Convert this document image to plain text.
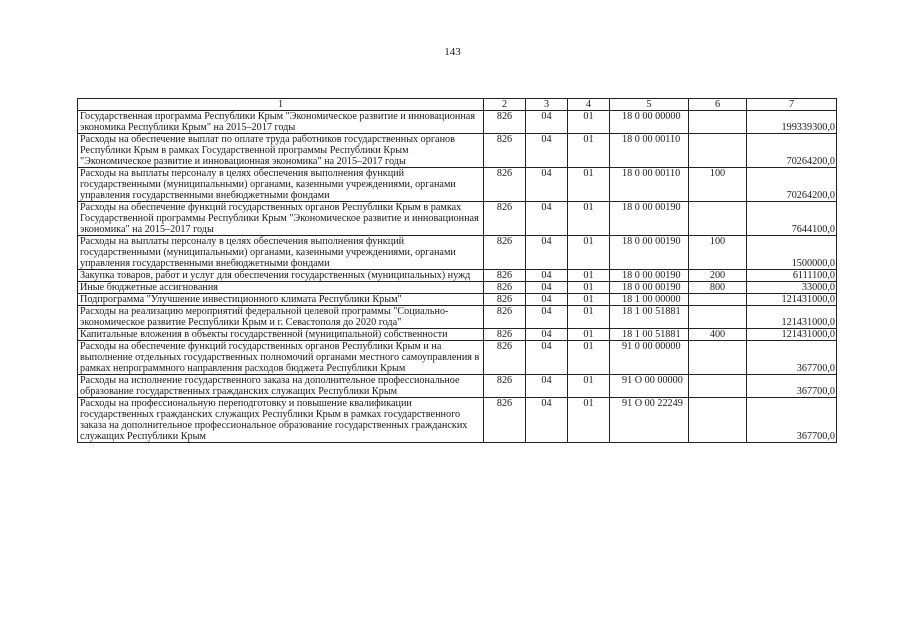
143
1	2	3	4	5	6	7
Государственная программа Республики Крым "Экономическое развитие и инновационная экономика Республики Крым" на 2015–2017 годы	826	04	01	18 0 00 00000		199339300,0
Расходы на обеспечение выплат по оплате труда работников государственных органов Республики Крым в рамках Государственной программы Республики Крым "Экономическое развитие и инновационная экономика" на 2015–2017 годы	826	04	01	18 0 00 00110		70264200,0
Расходы на выплаты персоналу в целях обеспечения выполнения функций государственными (муниципальными) органами, казенными учреждениями, органами управления государственными внебюджетными фондами	826	04	01	18 0 00 00110	100	70264200,0
Расходы на обеспечение функций государственных органов Республики Крым в рамках Государственной программы Республики Крым "Экономическое развитие и инновационная экономика" на 2015–2017 годы	826	04	01	18 0 00 00190		7644100,0
Расходы на выплаты персоналу в целях обеспечения выполнения функций государственными (муниципальными) органами, казенными учреждениями, органами управления государственными внебюджетными фондами	826	04	01	18 0 00 00190	100	1500000,0
Закупка товаров, работ и услуг для обеспечения государственных (муниципальных) нужд	826	04	01	18 0 00 00190	200	6111100,0
Иные бюджетные ассигнования	826	04	01	18 0 00 00190	800	33000,0
Подпрограмма "Улучшение инвестиционного климата Республики Крым"	826	04	01	18 1 00 00000		121431000,0
Расходы на реализацию мероприятий федеральной целевой программы "Социально-экономическое развитие Республики Крым и г. Севастополя до 2020 года"	826	04	01	18 1 00 51881		121431000,0
Капитальные вложения в объекты государственной (муниципальной) собственности	826	04	01	18 1 00 51881	400	121431000,0
Расходы на обеспечение функций государственных органов Республики Крым и на выполнение отдельных государственных полномочий органами местного самоуправления в рамках непрограммного направления расходов бюджета Республики Крым	826	04	01	91 0 00 00000		367700,0
Расходы на исполнение государственного заказа на дополнительное профессиональное образование государственных гражданских служащих Республики Крым	826	04	01	91 О 00 00000		367700,0
Расходы на профессиональную переподготовку и повышение квалификации государственных гражданских служащих Республики Крым в рамках государственного заказа на дополнительное профессиональное образование государственных гражданских служащих Республики Крым	826	04	01	91 О 00 22249		367700,0
